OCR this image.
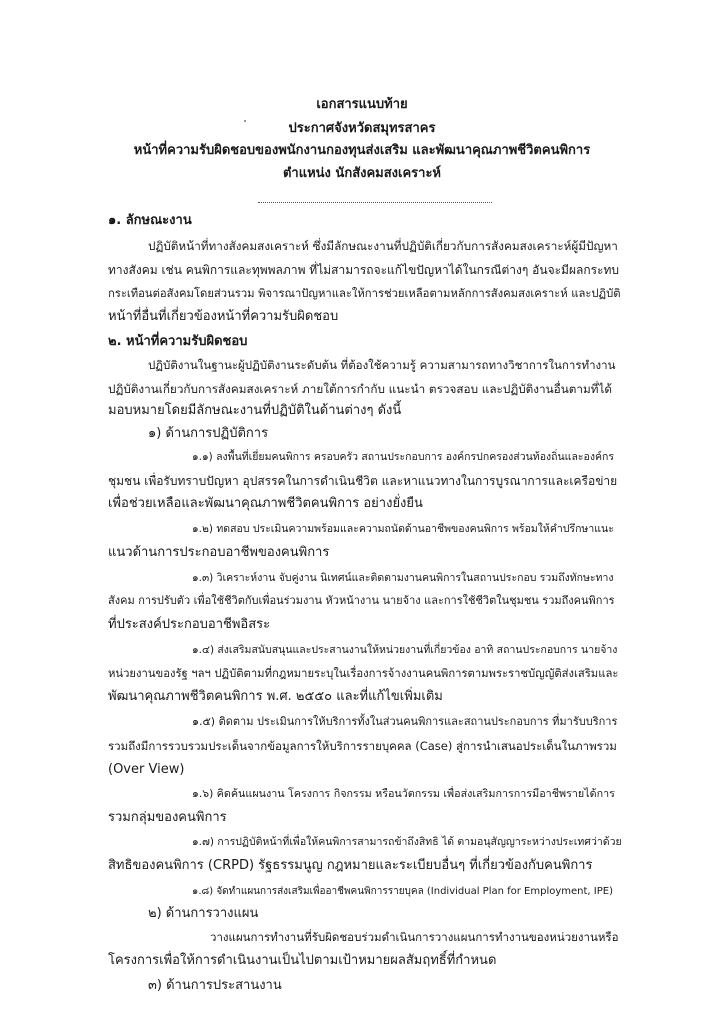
เอกสารแนบท้าย
ประกาศจังหวัดสมุทรสาคร
หน้าที่ความรับผิดชอบของพนักงานกองทุนส่งเสริม และพัฒนาคุณภาพชีวิตคนพิการ
ตำแหน่ง นักสังคมสงเคราะห์
๑. ลักษณะงาน
ปฏิบัติหน้าที่ทางสังคมสงเคราะห์ ซึ่งมีลักษณะงานที่ปฏิบัติเกี่ยวกับการสังคมสงเคราะห์ผู้มีปัญหา
ทางสังคม เช่น คนพิการและทุพพลภาพ ที่ไม่สามารถจะแก้ไขปัญหาได้ในกรณีต่างๆ อันจะมีผลกระทบ
กระเทือนต่อสังคมโดยส่วนรวม พิจารณาปัญหาและให้การช่วยเหลือตามหลักการสังคมสงเคราะห์ และปฏิบัติ
หน้าที่อื่นที่เกี่ยวข้องหน้าที่ความรับผิดชอบ
๒. หน้าที่ความรับผิดชอบ
ปฏิบัติงานในฐานะผู้ปฏิบัติงานระดับต้น ที่ต้องใช้ความรู้ ความสามารถทางวิชาการในการทำงาน
ปฏิบัติงานเกี่ยวกับการสังคมสงเคราะห์ ภายใต้การกำกับ แนะนำ ตรวจสอบ และปฏิบัติงานอื่นตามที่ได้
มอบหมายโดยมีลักษณะงานที่ปฏิบัติในด้านต่างๆ ดังนี้
๑) ด้านการปฏิบัติการ
๑.๑) ลงพื้นที่เยี่ยมคนพิการ ครอบครัว สถานประกอบการ องค์กรปกครองส่วนท้องถิ่นและองค์กร
ชุมชน เพื่อรับทราบปัญหา อุปสรรคในการดำเนินชีวิต และหาแนวทางในการบูรณาการและเครือข่าย
เพื่อช่วยเหลือและพัฒนาคุณภาพชีวิตคนพิการ อย่างยั่งยืน
๑.๒) ทดสอบ ประเมินความพร้อมและความถนัดด้านอาชีพของคนพิการ พร้อมให้คำปรึกษาแนะ
แนวด้านการประกอบอาชีพของคนพิการ
๑.๓) วิเคราะห์งาน จับคู่งาน นิเทศน์และติดตามงานคนพิการในสถานประกอบ รวมถึงทักษะทาง
สังคม การปรับตัว เพื่อใช้ชีวิตกับเพื่อนร่วมงาน หัวหน้างาน นายจ้าง และการใช้ชีวิตในชุมชน รวมถึงคนพิการ
ที่ประสงค์ประกอบอาชีพอิสระ
๑.๔) ส่งเสริมสนับสนุนและประสานงานให้หน่วยงานที่เกี่ยวข้อง อาทิ สถานประกอบการ นายจ้าง
หน่วยงานของรัฐ ฯลฯ ปฏิบัติตามที่กฎหมายระบุในเรื่องการจ้างงานคนพิการตามพระราชบัญญัติส่งเสริมและ
พัฒนาคุณภาพชีวิตคนพิการ พ.ศ. ๒๕๕๐ และที่แก้ไขเพิ่มเติม
๑.๕) ติดตาม ประเมินการให้บริการทั้งในส่วนคนพิการและสถานประกอบการ ที่มารับบริการ
รวมถึงมีการรวบรวมประเด็นจากข้อมูลการให้บริการรายบุคคล (Case) สู่การนำเสนอประเด็นในภาพรวม
(Over View)
๑.๖) คิดค้นแผนงาน โครงการ กิจกรรม หรือนวัตกรรม เพื่อส่งเสริมการการมีอาชีพรายได้การ
รวมกลุ่มของคนพิการ
๑.๗) การปฏิบัติหน้าที่เพื่อให้คนพิการสามารถข้าถึงสิทธิ ได้ ตามอนุสัญญาระหว่างประเทศว่าด้วย
สิทธิของคนพิการ (CRPD) รัฐธรรมนูญ กฎหมายและระเบียบอื่นๆ ที่เกี่ยวข้องกับคนพิการ
๑.๘) จัดทำแผนการส่งเสริมเพื่ออาชีพคนพิการรายบุคล (Individual Plan for Employment, IPE)
๒) ด้านการวางแผน
วางแผนการทำงานที่รับผิดชอบร่วมดำเนินการวางแผนการทำงานของหน่วยงานหรือ
โครงการเพื่อให้การดำเนินงานเป็นไปตามเป้าหมายผลสัมฤทธิ์ที่กำหนด
๓) ด้านการประสานงาน
